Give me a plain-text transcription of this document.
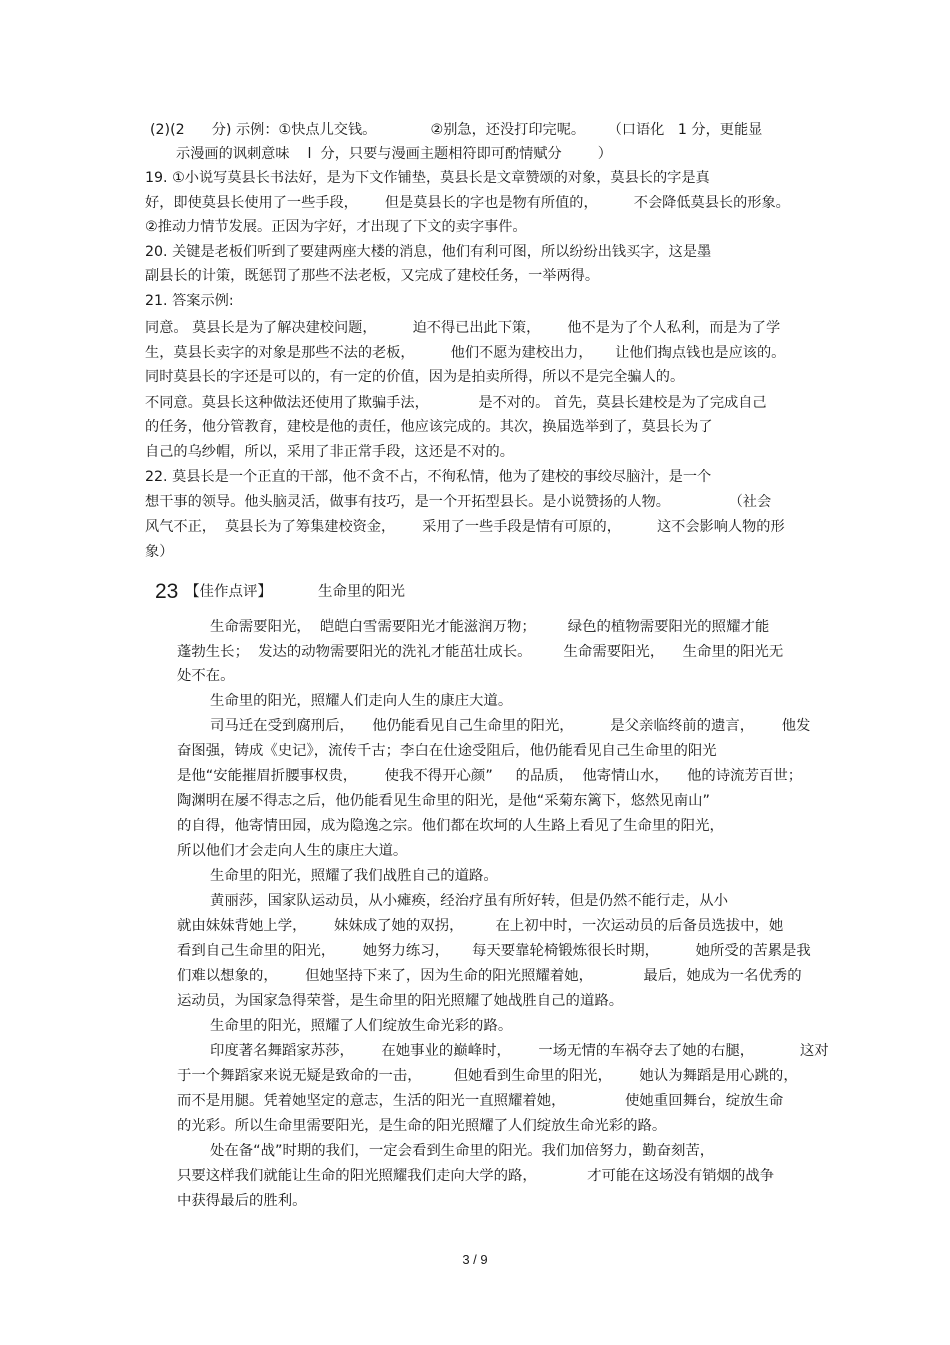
(2)(2      分) 示例：①快点儿交钱。            ②别急，还没打印完呢。     （口语化   1 分，更能显
示漫画的讽刺意味    l  分，只要与漫画主题相符即可酌情赋分        ）
19. ①小说写莫县长书法好，是为下文作铺垫，莫县长是文章赞颂的对象，莫县长的字是真
好，即使莫县长使用了一些手段，      但是莫县长的字也是物有所值的，        不会降低莫县长的形象。
②推动力情节发展。正因为字好，才出现了下文的卖字事件。
20. 关键是老板们听到了要建两座大楼的消息，他们有利可图，所以纷纷出钱买字，这是墨
副县长的计策，既惩罚了那些不法老板，又完成了建校任务，一举两得。
21. 答案示例:
同意。 莫县长是为了解决建校问题，        迫不得已出此下策，      他不是为了个人私利，而是为了学
生，莫县长卖字的对象是那些不法的老板，        他们不愿为建校出力，     让他们掏点钱也是应该的。
同时莫县长的字还是可以的，有一定的价值，因为是拍卖所得，所以不是完全骗人的。
不同意。莫县长这种做法还使用了欺骗手法，           是不对的。 首先，莫县长建校是为了完成自己
的任务，他分管教育，建校是他的责任，他应该完成的。其次，换届选举到了，莫县长为了
自己的乌纱帽，所以，采用了非正常手段，这还是不对的。
22. 莫县长是一个正直的干部，他不贪不占，不徇私情，他为了建校的事绞尽脑汁，是一个
想干事的领导。他头脑灵活，做事有技巧，是一个开拓型县长。是小说赞扬的人物。             （社会
风气不正，  莫县长为了筹集建校资金，      采用了一些手段是情有可原的，        这不会影响人物的形
象）
23 【佳作点评】	生命里的阳光
生命需要阳光，  皑皑白雪需要阳光才能滋润万物；       绿色的植物需要阳光的照耀才能
蓬勃生长；  发达的动物需要阳光的洗礼才能茁壮成长。       生命需要阳光，    生命里的阳光无
处不在。
生命里的阳光，照耀人们走向人生的康庄大道。
司马迁在受到腐刑后，    他仍能看见自己生命里的阳光，        是父亲临终前的遗言，      他发
奋图强，铸成《史记》，流传千古；李白在仕途受阻后，他仍能看见自己生命里的阳光
是他“安能摧眉折腰事权贵，      使我不得开心颜”     的品质，  他寄情山水，    他的诗流芳百世；
陶渊明在屡不得志之后，他仍能看见生命里的阳光，是他“采菊东篱下，悠然见南山”
的自得，他寄情田园，成为隐逸之宗。他们都在坎坷的人生路上看见了生命里的阳光，
所以他们才会走向人生的康庄大道。
生命里的阳光，照耀了我们战胜自己的道路。
黄丽莎，国家队运动员，从小瘫痪，经治疗虽有所好转，但是仍然不能行走，从小
就由妹妹背她上学，      妹妹成了她的双拐，       在上初中时，一次运动员的后备员选拔中，她
看到自己生命里的阳光，      她努力练习，     每天要靠轮椅锻炼很长时期，        她所受的苦累是我
们难以想象的，      但她坚持下来了，因为生命的阳光照耀着她，           最后，她成为一名优秀的
运动员，为国家急得荣誉，是生命里的阳光照耀了她战胜自己的道路。
生命里的阳光，照耀了人们绽放生命光彩的路。
印度著名舞蹈家苏莎，      在她事业的巅峰时，      一场无情的车祸夺去了她的右腿，          这对
于一个舞蹈家来说无疑是致命的一击，       但她看到生命里的阳光，      她认为舞蹈是用心跳的，
而不是用腿。凭着她坚定的意志，生活的阳光一直照耀着她，             使她重回舞台，绽放生命
的光彩。所以生命里需要阳光，是生命的阳光照耀了人们绽放生命光彩的路。
处在备“战”时期的我们，一定会看到生命里的阳光。我们加倍努力，勤奋刻苦，
只要这样我们就能让生命的阳光照耀我们走向大学的路，           才可能在这场没有销烟的战争
中获得最后的胜利。
3 / 9
